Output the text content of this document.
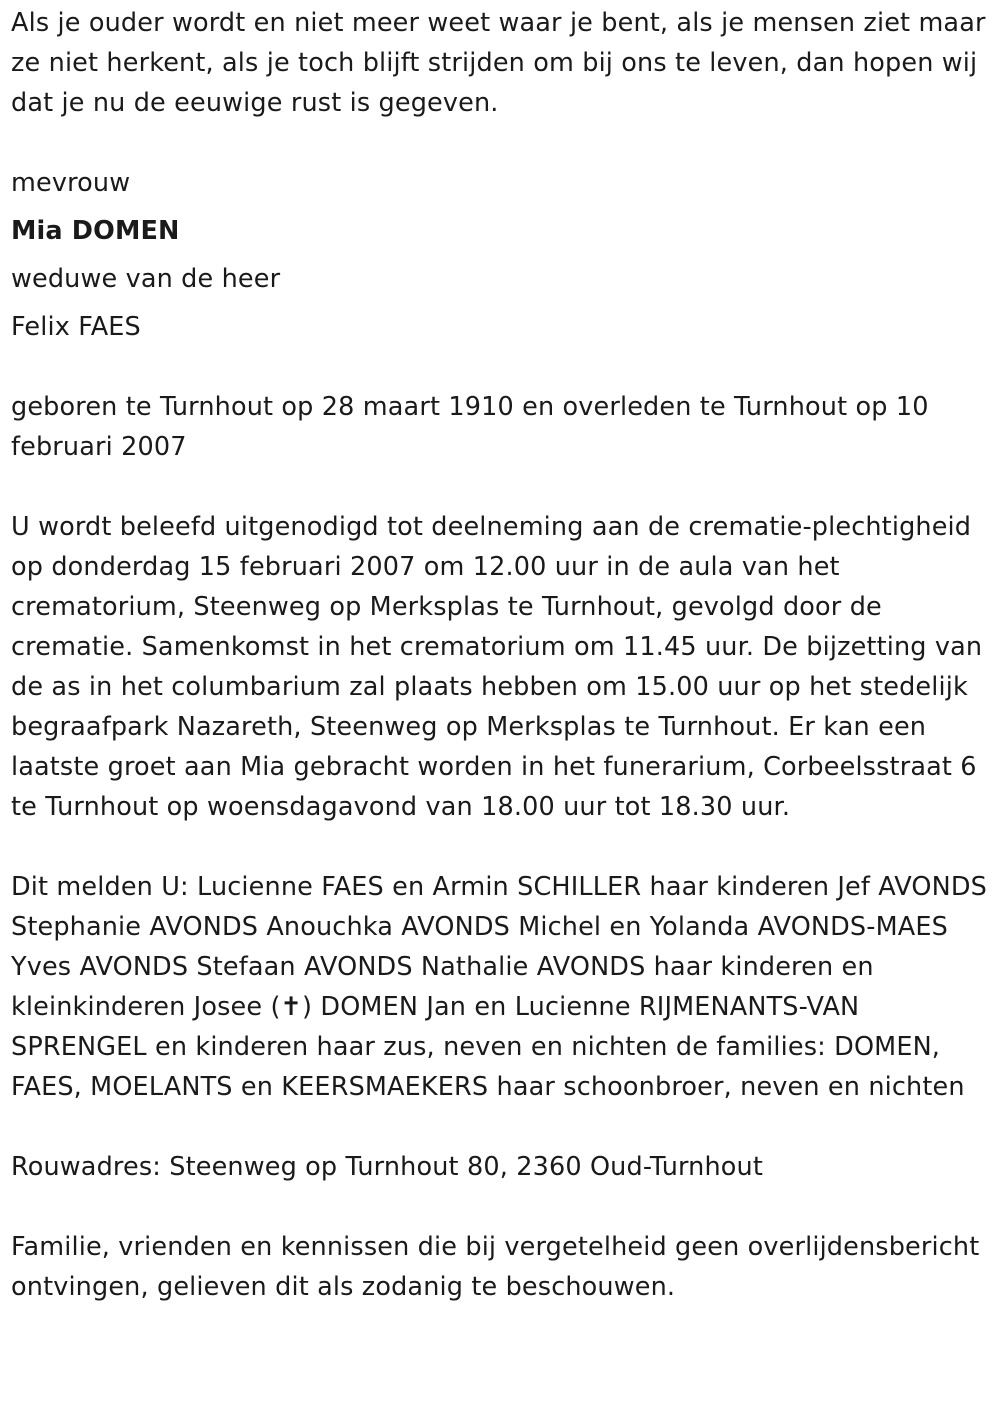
Als je ouder wordt en niet meer weet waar je bent, als je mensen ziet maar ze niet herkent, als je toch blijft strijden om bij ons te leven, dan hopen wij dat je nu de eeuwige rust is gegeven.

mevrouw

Mia DOMEN

weduwe van de heer

Felix FAES

geboren te Turnhout op 28 maart 1910 en overleden te Turnhout op 10 februari 2007

U wordt beleefd uitgenodigd tot deelneming aan de crematie-plechtigheid op donderdag 15 februari 2007 om 12.00 uur in de aula van het crematorium, Steenweg op Merksplas te Turnhout, gevolgd door de crematie. Samenkomst in het crematorium om 11.45 uur. De bijzetting van de as in het columbarium zal plaats hebben om 15.00 uur op het stedelijk begraafpark Nazareth, Steenweg op Merksplas te Turnhout. Er kan een laatste groet aan Mia gebracht worden in het funerarium, Corbeelsstraat 6 te Turnhout op woensdagavond van 18.00 uur tot 18.30 uur.

Dit melden U: Lucienne FAES en Armin SCHILLER haar kinderen Jef AVONDS Stephanie AVONDS Anouchka AVONDS Michel en Yolanda AVONDS-MAES Yves AVONDS Stefaan AVONDS Nathalie AVONDS haar kinderen en kleinkinderen Josee (✝) DOMEN Jan en Lucienne RIJMENANTS-VAN SPRENGEL en kinderen haar zus, neven en nichten de families: DOMEN, FAES, MOELANTS en KEERSMAEKERS haar schoonbroer, neven en nichten

Rouwadres: Steenweg op Turnhout 80, 2360 Oud-Turnhout

Familie, vrienden en kennissen die bij vergetelheid geen overlijdensbericht ontvingen, gelieven dit als zodanig te beschouwen.
